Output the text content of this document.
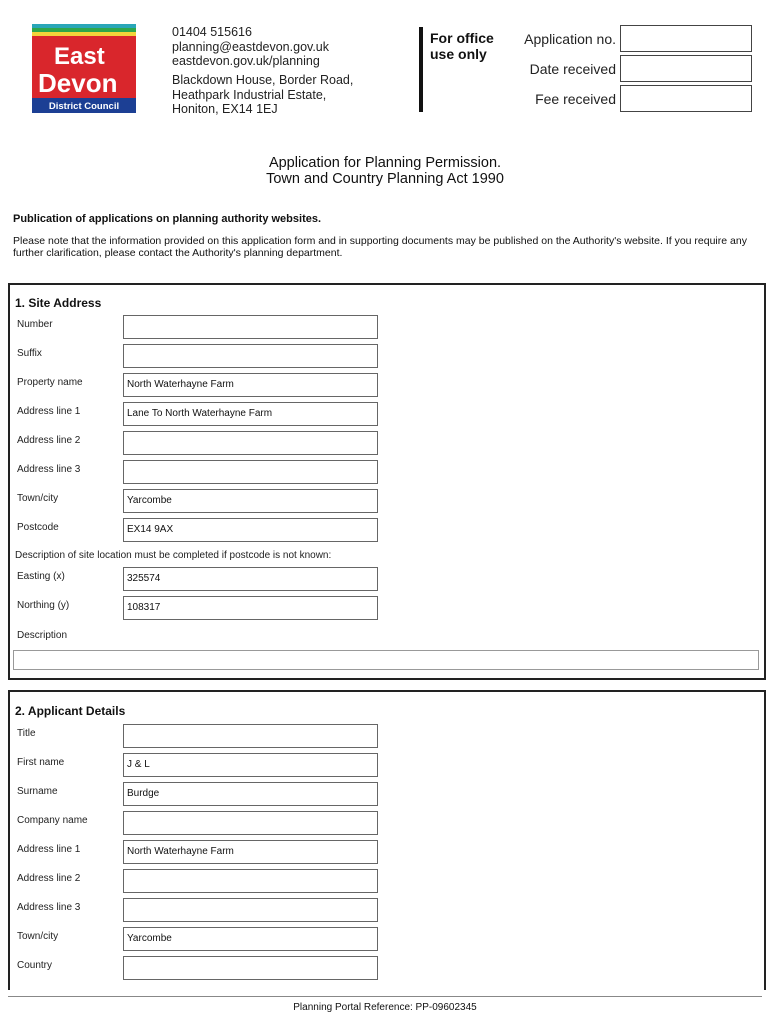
East
Devon
District Council
01404 515616
planning@eastdevon.gov.uk
eastdevon.gov.uk/planning
Blackdown House, Border Road,
Heathpark Industrial Estate,
Honiton, EX14 1EJ
For office
use only
Application no.
Date received
Fee received
Application for Planning Permission.
Town and Country Planning Act 1990
Publication of applications on planning authority websites.
Please note that the information provided on this application form and in supporting documents may be published on the Authority's website. If you require any further clarification, please contact the Authority's planning department.
1. Site Address
Number
Suffix
Property name	North Waterhayne Farm
Address line 1	Lane To North Waterhayne Farm
Address line 2
Address line 3
Town/city	Yarcombe
Postcode	EX14 9AX
Description of site location must be completed if postcode is not known:
Easting (x)	325574
Northing (y)	108317
Description
2. Applicant Details
Title
First name	J & L
Surname	Burdge
Company name
Address line 1	North Waterhayne Farm
Address line 2
Address line 3
Town/city	Yarcombe
Country
Planning Portal Reference: PP-09602345
